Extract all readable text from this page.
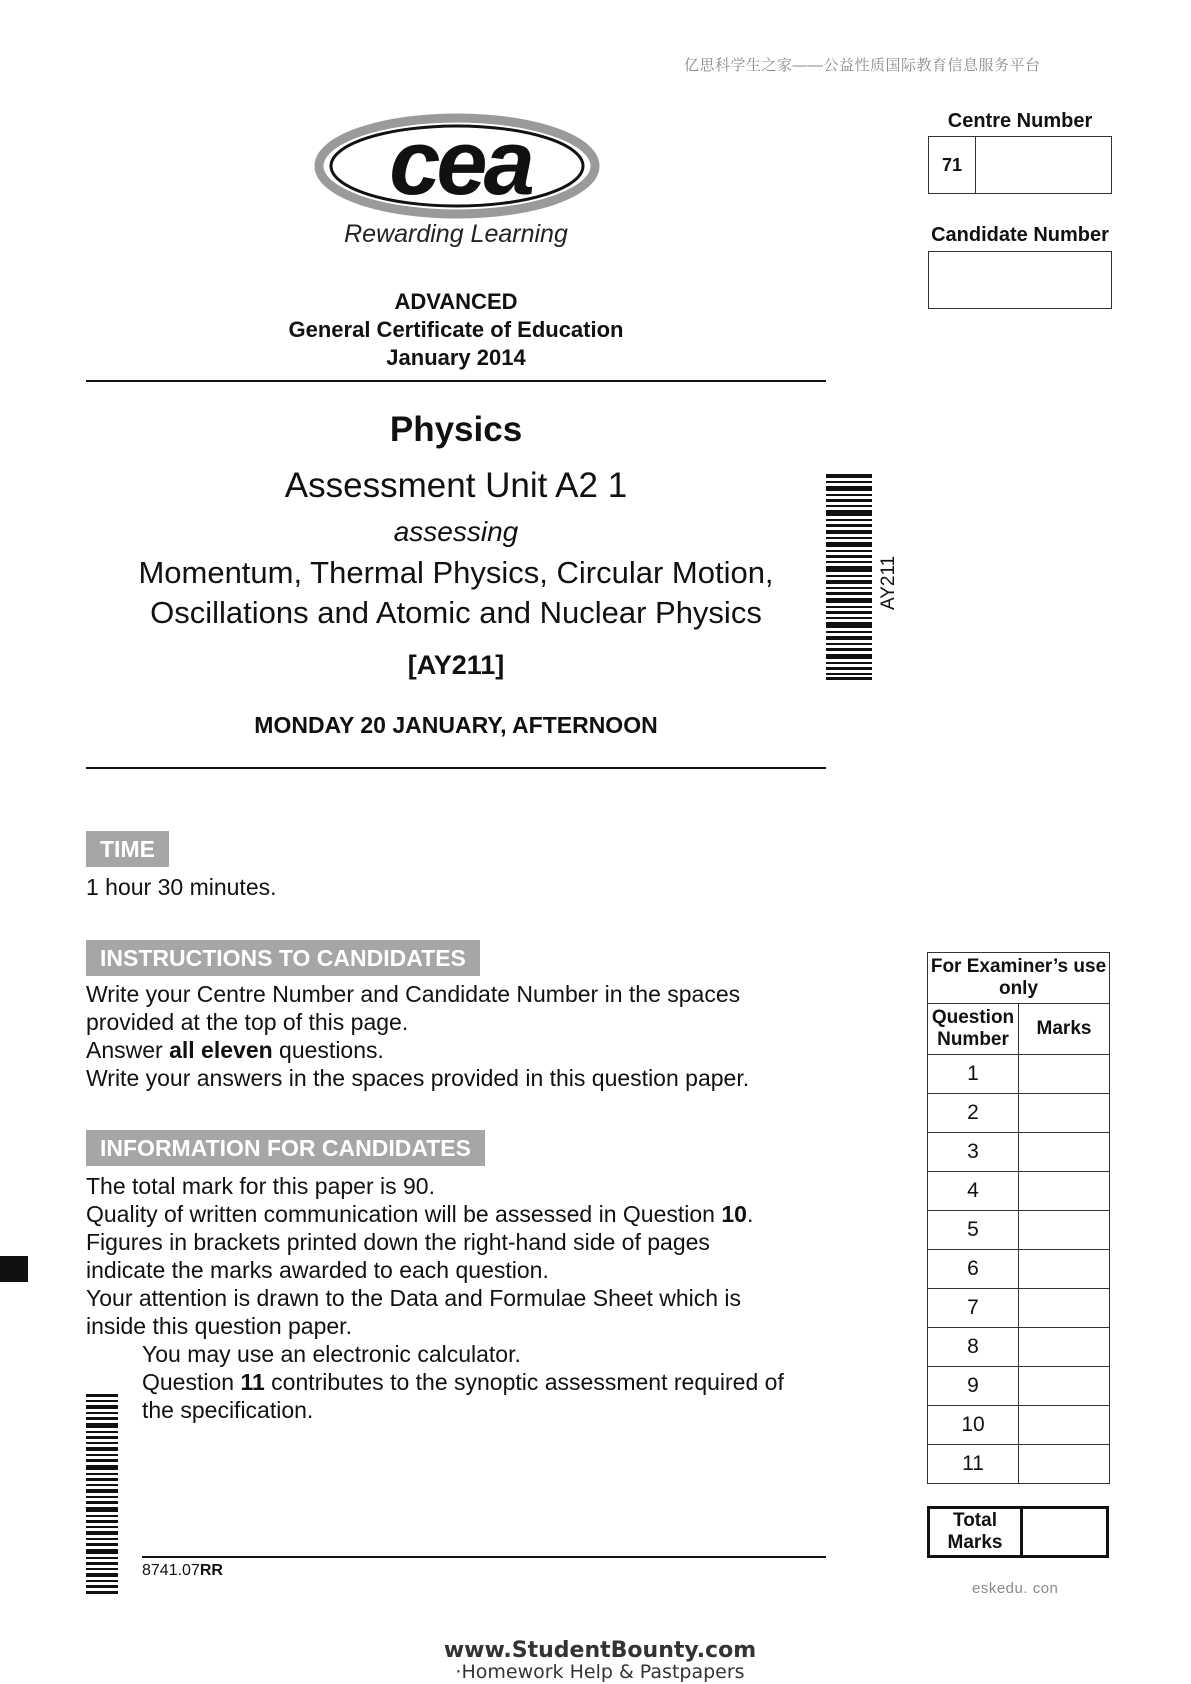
亿思科学生之家——公益性质国际教育信息服务平台
cea
Rewarding Learning
ADVANCED
General Certificate of Education
January 2014
Physics
Assessment Unit A2 1
assessing
Momentum, Thermal Physics, Circular Motion,
Oscillations and Atomic and Nuclear Physics
[AY211]
MONDAY 20 JANUARY, AFTERNOON
AY211
Centre Number
71
Candidate Number
TIME
1 hour 30 minutes.
INSTRUCTIONS TO CANDIDATES

Write your Centre Number and Candidate Number in the spaces

provided at the top of this page.

Answer all eleven questions.

Write your answers in the spaces provided in this question paper.

INFORMATION FOR CANDIDATES

The total mark for this paper is 90.

Quality of written communication will be assessed in Question 10.

Figures in brackets printed down the right-hand side of pages

indicate the marks awarded to each question.

Your attention is drawn to the Data and Formulae Sheet which is

inside this question paper.

You may use an electronic calculator.

Question 11 contributes to the synoptic assessment required of

the specification.

8741.07RR
For Examiner’s use only	
Question Number	Marks
1	
2	
3	
4	
5	
6	
7	
8	
9	
10	
11	
Total Marks
eskedu. con
www.StudentBounty.com
·Homework Help & Pastpapers
